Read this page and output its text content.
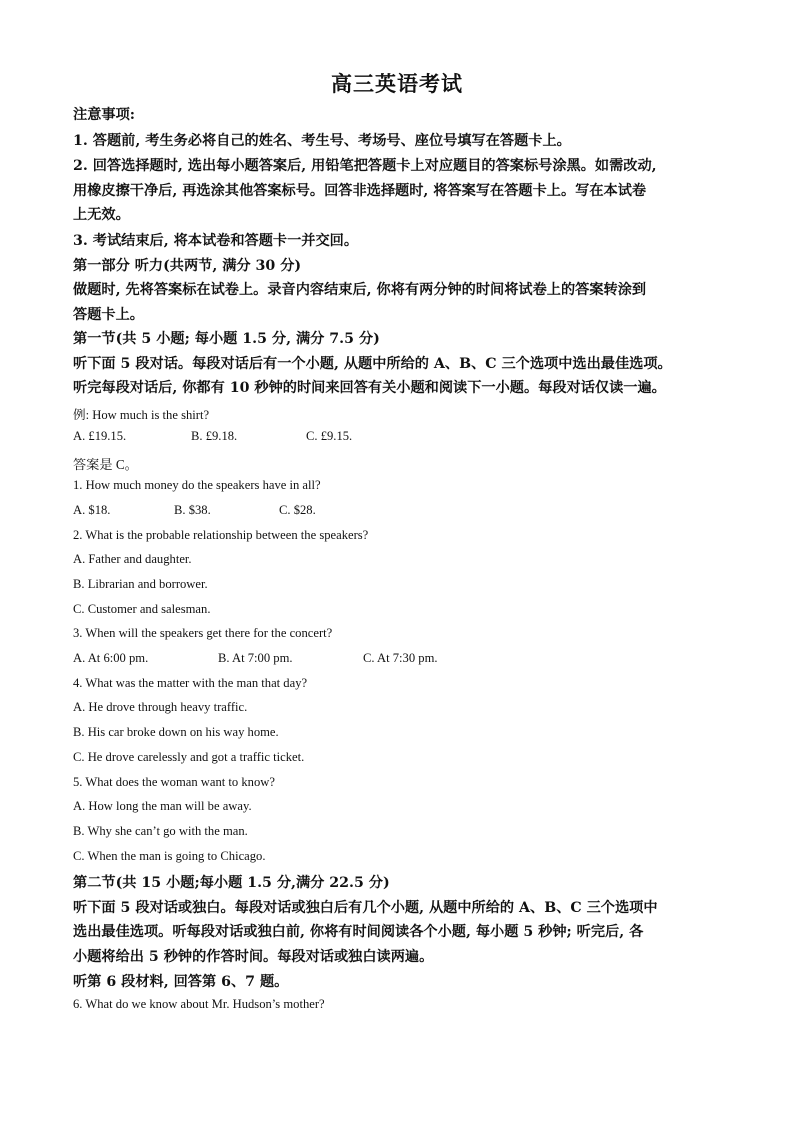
高三英语考试
注意事项:
1. 答题前, 考生务必将自己的姓名、考生号、考场号、座位号填写在答题卡上。
2. 回答选择题时, 选出每小题答案后, 用铅笔把答题卡上对应题目的答案标号涂黑。如需改动,
用橡皮擦干净后, 再选涂其他答案标号。回答非选择题时, 将答案写在答题卡上。写在本试卷
上无效。
3. 考试结束后, 将本试卷和答题卡一并交回。
第一部分 听力(共两节, 满分 30 分)
做题时, 先将答案标在试卷上。录音内容结束后, 你将有两分钟的时间将试卷上的答案转涂到
答题卡上。
第一节(共 5 小题; 每小题 1.5 分, 满分 7.5 分)
听下面 5 段对话。每段对话后有一个小题, 从题中所给的 A、B、C 三个选项中选出最佳选项。
听完每段对话后, 你都有 10 秒钟的时间来回答有关小题和阅读下一小题。每段对话仅读一遍。
例: How much is the shirt?
A. £19.15.	B. £9.18.	C. £9.15.
答案是 C。
1. How much money do the speakers have in all?
A. $18.	B. $38.	C. $28.
2. What is the probable relationship between the speakers?
A. Father and daughter.
B. Librarian and borrower.
C. Customer and salesman.
3. When will the speakers get there for the concert?
A. At 6:00 pm.	B. At 7:00 pm.	C. At 7:30 pm.
4. What was the matter with the man that day?
A. He drove through heavy traffic.
B. His car broke down on his way home.
C. He drove carelessly and got a traffic ticket.
5. What does the woman want to know?
A. How long the man will be away.
B. Why she can’t go with the man.
C. When the man is going to Chicago.
第二节(共 15 小题;每小题 1.5 分,满分 22.5 分)
听下面 5 段对话或独白。每段对话或独白后有几个小题, 从题中所给的 A、B、C 三个选项中
选出最佳选项。听每段对话或独白前, 你将有时间阅读各个小题, 每小题 5 秒钟; 听完后, 各
小题将给出 5 秒钟的作答时间。每段对话或独白读两遍。
听第 6 段材料, 回答第 6、7 题。
6. What do we know about Mr. Hudson’s mother?
